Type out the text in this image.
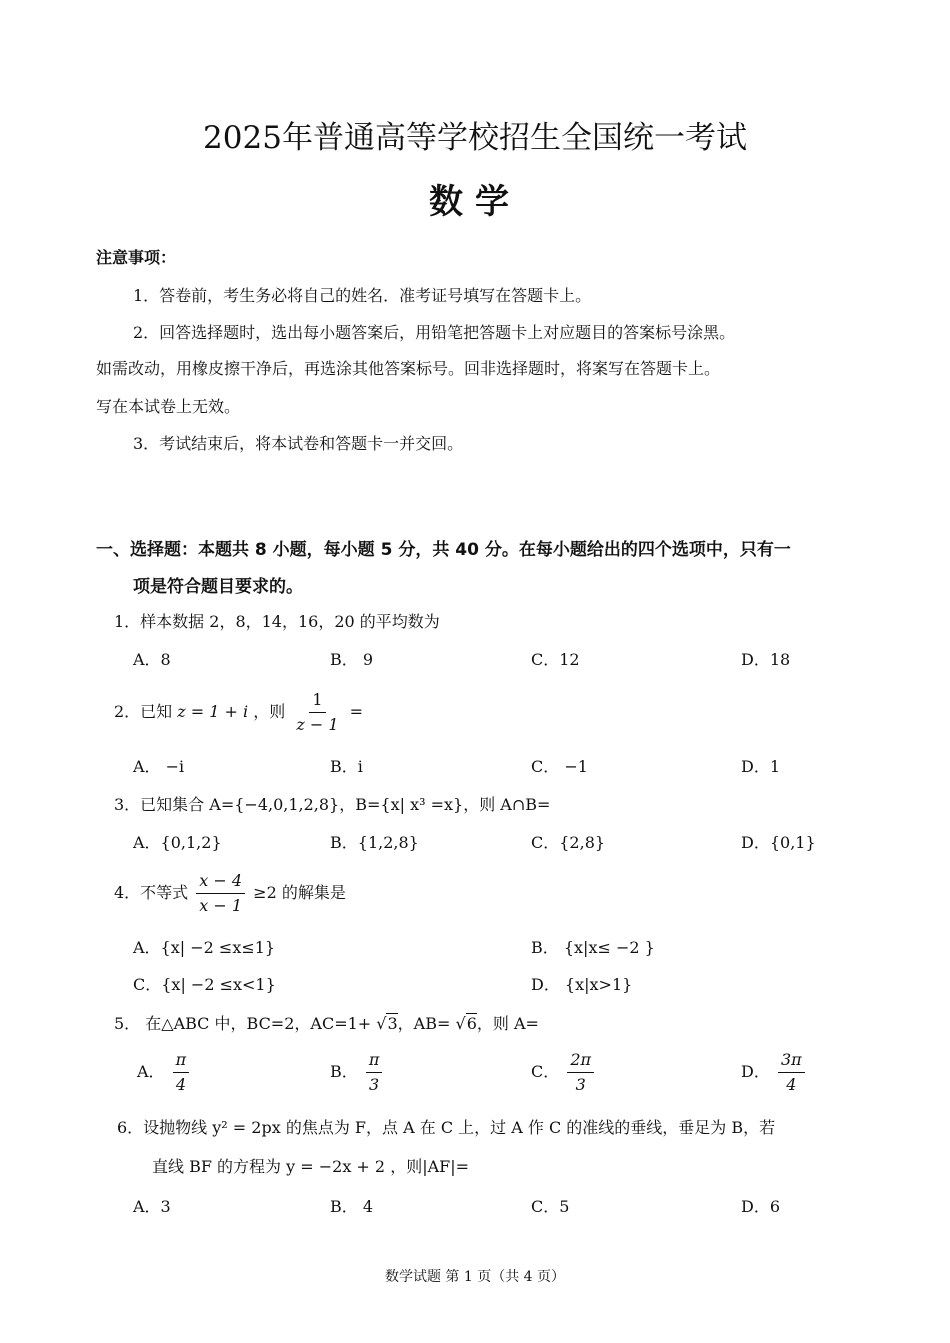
2025年普通高等学校招生全国统一考试
数学
注意事项：
1．答卷前，考生务必将自己的姓名．准考证号填写在答题卡上。
2．回答选择题时，选出每小题答案后，用铅笔把答题卡上对应题目的答案标号涂黑。
如需改动，用橡皮擦干净后，再选涂其他答案标号。回非选择题时，将案写在答题卡上。
写在本试卷上无效。
3．考试结束后，将本试卷和答题卡一并交回。
一、选择题：本题共 8 小题，每小题 5 分，共 40 分。在每小题给出的四个选项中，只有一
项是符合题目要求的。
1．样本数据 2，8，14，16，20 的平均数为
A．8	B． 9	C．12	D．18
2．已知 z = 1 + i ，则 $\frac{1}{z - 1}$ =
A． −i	B．i	C． −1	D．1
3．已知集合 A={−4,0,1,2,8}，B={x| x³ =x}，则 A∩B=
A．{0,1,2}	B．{1,2,8}	C．{2,8}	D．{0,1}
4．不等式 $\frac{x - 4}{x - 1} \ge 2$ 的解集是
A．{x| −2 ≤x≤1}	B． {x|x≤ −2 }
C．{x| −2 ≤x<1}	D． {x|x>1}
5． 在△ABC 中，BC=2，AC=1+ √3，AB= √6，则 A=
A． $\frac{\pi}{4}$	B． $\frac{\pi}{3}$	C． $\frac{2\pi}{3}$	D． $\frac{3\pi}{4}$
6．设抛物线 y² = 2px 的焦点为 F，点 A 在 C 上，过 A 作 C 的准线的垂线，垂足为 B，若
直线 BF 的方程为 y = −2x + 2 ，则|AF|=
A．3	B． 4	C．5	D．6
数学试题 第 1 页（共 4 页）
